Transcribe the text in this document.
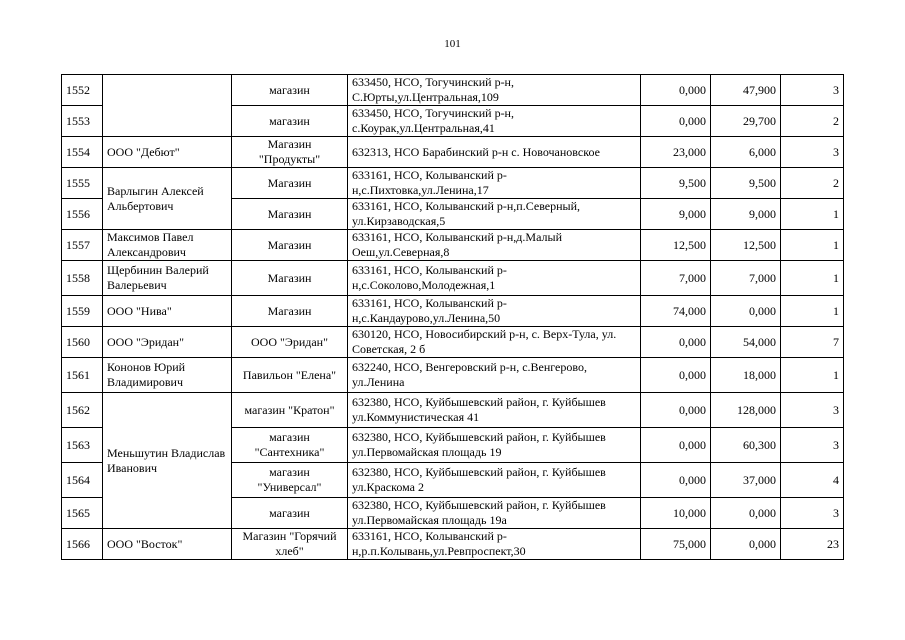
101
1552		магазин	633450, НСО, Тогучинский р-н, С.Юрты,ул.Центральная,109	0,000	47,900	3
1553		магазин	633450, НСО, Тогучинский р-н, с.Коурак,ул.Центральная,41	0,000	29,700	2
1554	ООО "Дебют"	Магазин "Продукты"	632313, НСО Барабинский р-н с. Новочановское	23,000	6,000	3
1555	Варлыгин Алексей Альбертович	Магазин	633161, НСО, Колыванский р-н,с.Пихтовка,ул.Ленина,17	9,500	9,500	2
1556		Магазин	633161, НСО, Колыванский р-н,п.Северный, ул.Кирзаводская,5	9,000	9,000	1
1557	Максимов Павел Александрович	Магазин	633161, НСО, Колыванский р-н,д.Малый Оеш,ул.Северная,8	12,500	12,500	1
1558	Щербинин Валерий Валерьевич	Магазин	633161, НСО, Колыванский р-н,с.Соколово,Молодежная,1	7,000	7,000	1
1559	ООО "Нива"	Магазин	633161, НСО, Колыванский р-н,с.Кандаурово,ул.Ленина,50	74,000	0,000	1
1560	ООО "Эридан"	ООО "Эридан"	630120, НСО, Новосибирский р-н, с. Верх-Тула, ул. Советская, 2 б	0,000	54,000	7
1561	Кононов Юрий Владимирович	Павильон "Елена"	632240, НСО, Венгеровский р-н, с.Венгерово, ул.Ленина	0,000	18,000	1
1562	Меньшутин Владислав Иванович	магазин "Кратон"	632380, НСО, Куйбышевский район, г. Куйбышев ул.Коммунистическая 41	0,000	128,000	3
1563		магазин "Сантехника"	632380, НСО, Куйбышевский район, г. Куйбышев ул.Первомайская площадь 19	0,000	60,300	3
1564		магазин "Универсал"	632380, НСО, Куйбышевский район, г. Куйбышев ул.Краскома 2	0,000	37,000	4
1565		магазин	632380, НСО, Куйбышевский район, г. Куйбышев ул.Первомайская площадь 19а	10,000	0,000	3
1566	ООО "Восток"	Магазин "Горячий хлеб"	633161, НСО, Колыванский р-н,р.п.Колывань,ул.Ревпроспект,30	75,000	0,000	23
